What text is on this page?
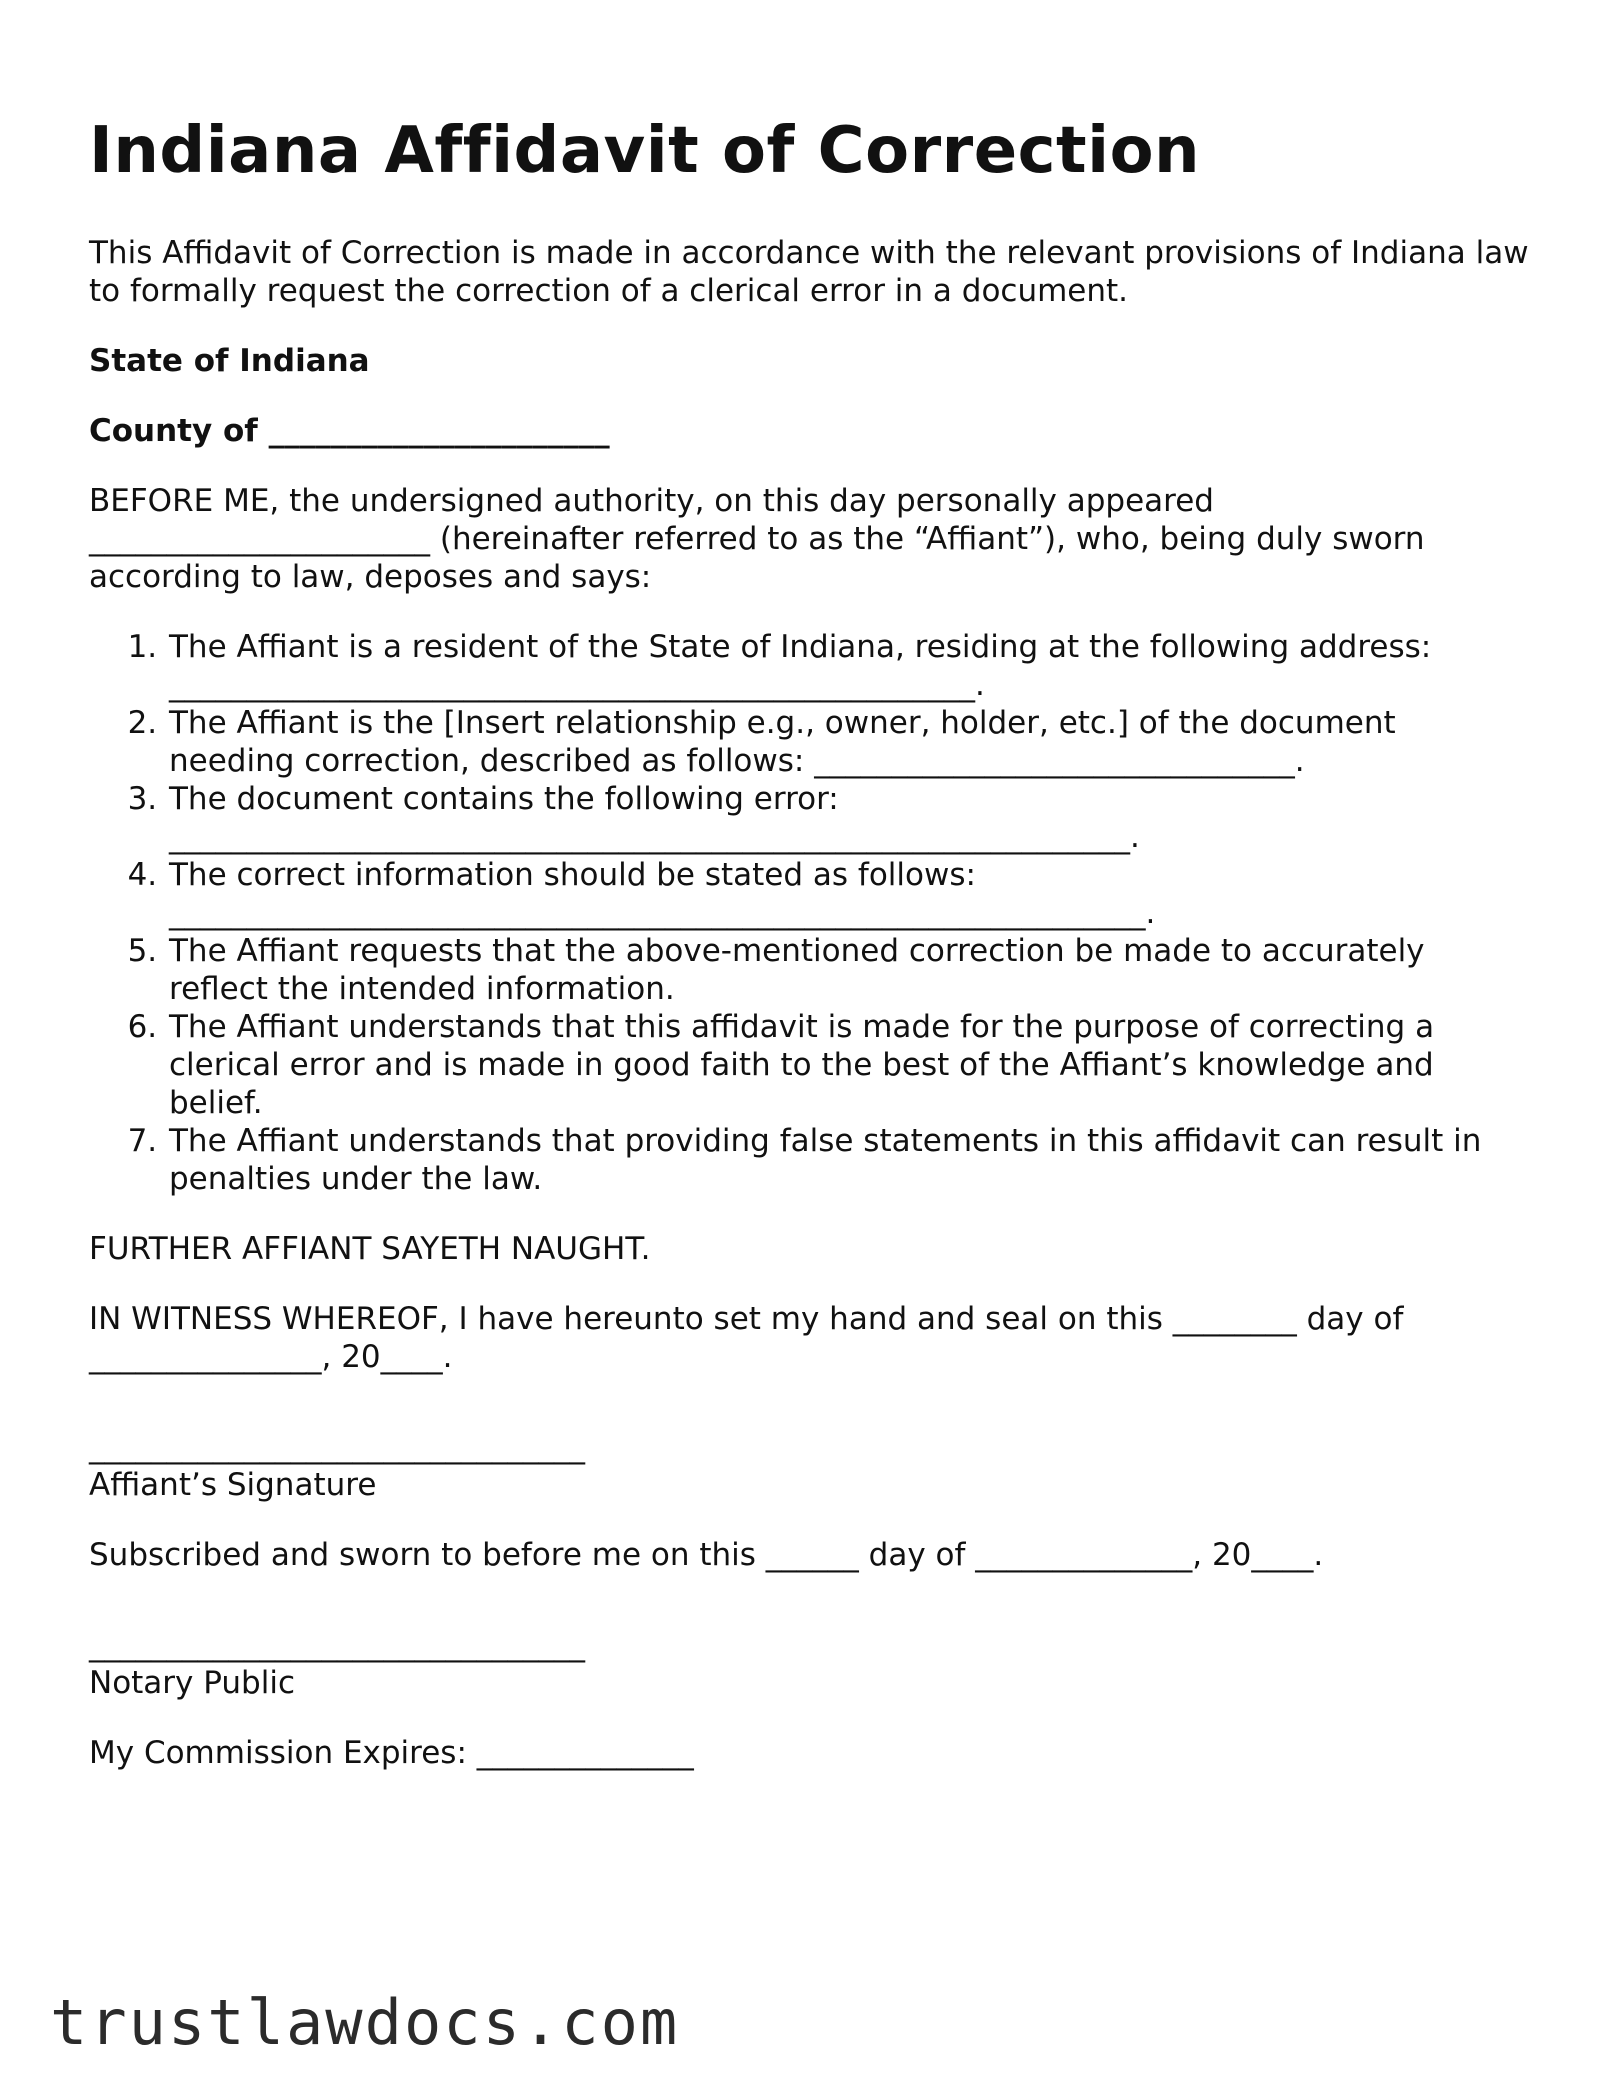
Indiana Affidavit of Correction

This Affidavit of Correction is made in accordance with the relevant provisions of Indiana law to formally request the correction of a clerical error in a document.

State of Indiana

County of ______________________

BEFORE ME, the undersigned authority, on this day personally appeared ______________________ (hereinafter referred to as the “Affiant”), who, being duly sworn according to law, deposes and says:

1. The Affiant is a resident of the State of Indiana, residing at the following address: ____________________________________________________.
2. The Affiant is the [Insert relationship e.g., owner, holder, etc.] of the document needing correction, described as follows: _______________________________.
3. The document contains the following error: ______________________________________________________________.
4. The correct information should be stated as follows: _______________________________________________________________.
5. The Affiant requests that the above-mentioned correction be made to accurately reflect the intended information.
6. The Affiant understands that this affidavit is made for the purpose of correcting a clerical error and is made in good faith to the best of the Affiant’s knowledge and belief.
7. The Affiant understands that providing false statements in this affidavit can result in penalties under the law.

FURTHER AFFIANT SAYETH NAUGHT.

IN WITNESS WHEREOF, I have hereunto set my hand and seal on this ________ day of _______________, 20____.

________________________________
Affiant’s Signature

Subscribed and sworn to before me on this ______ day of ______________, 20____.

________________________________
Notary Public

My Commission Expires: ______________

trustlawdocs.com
